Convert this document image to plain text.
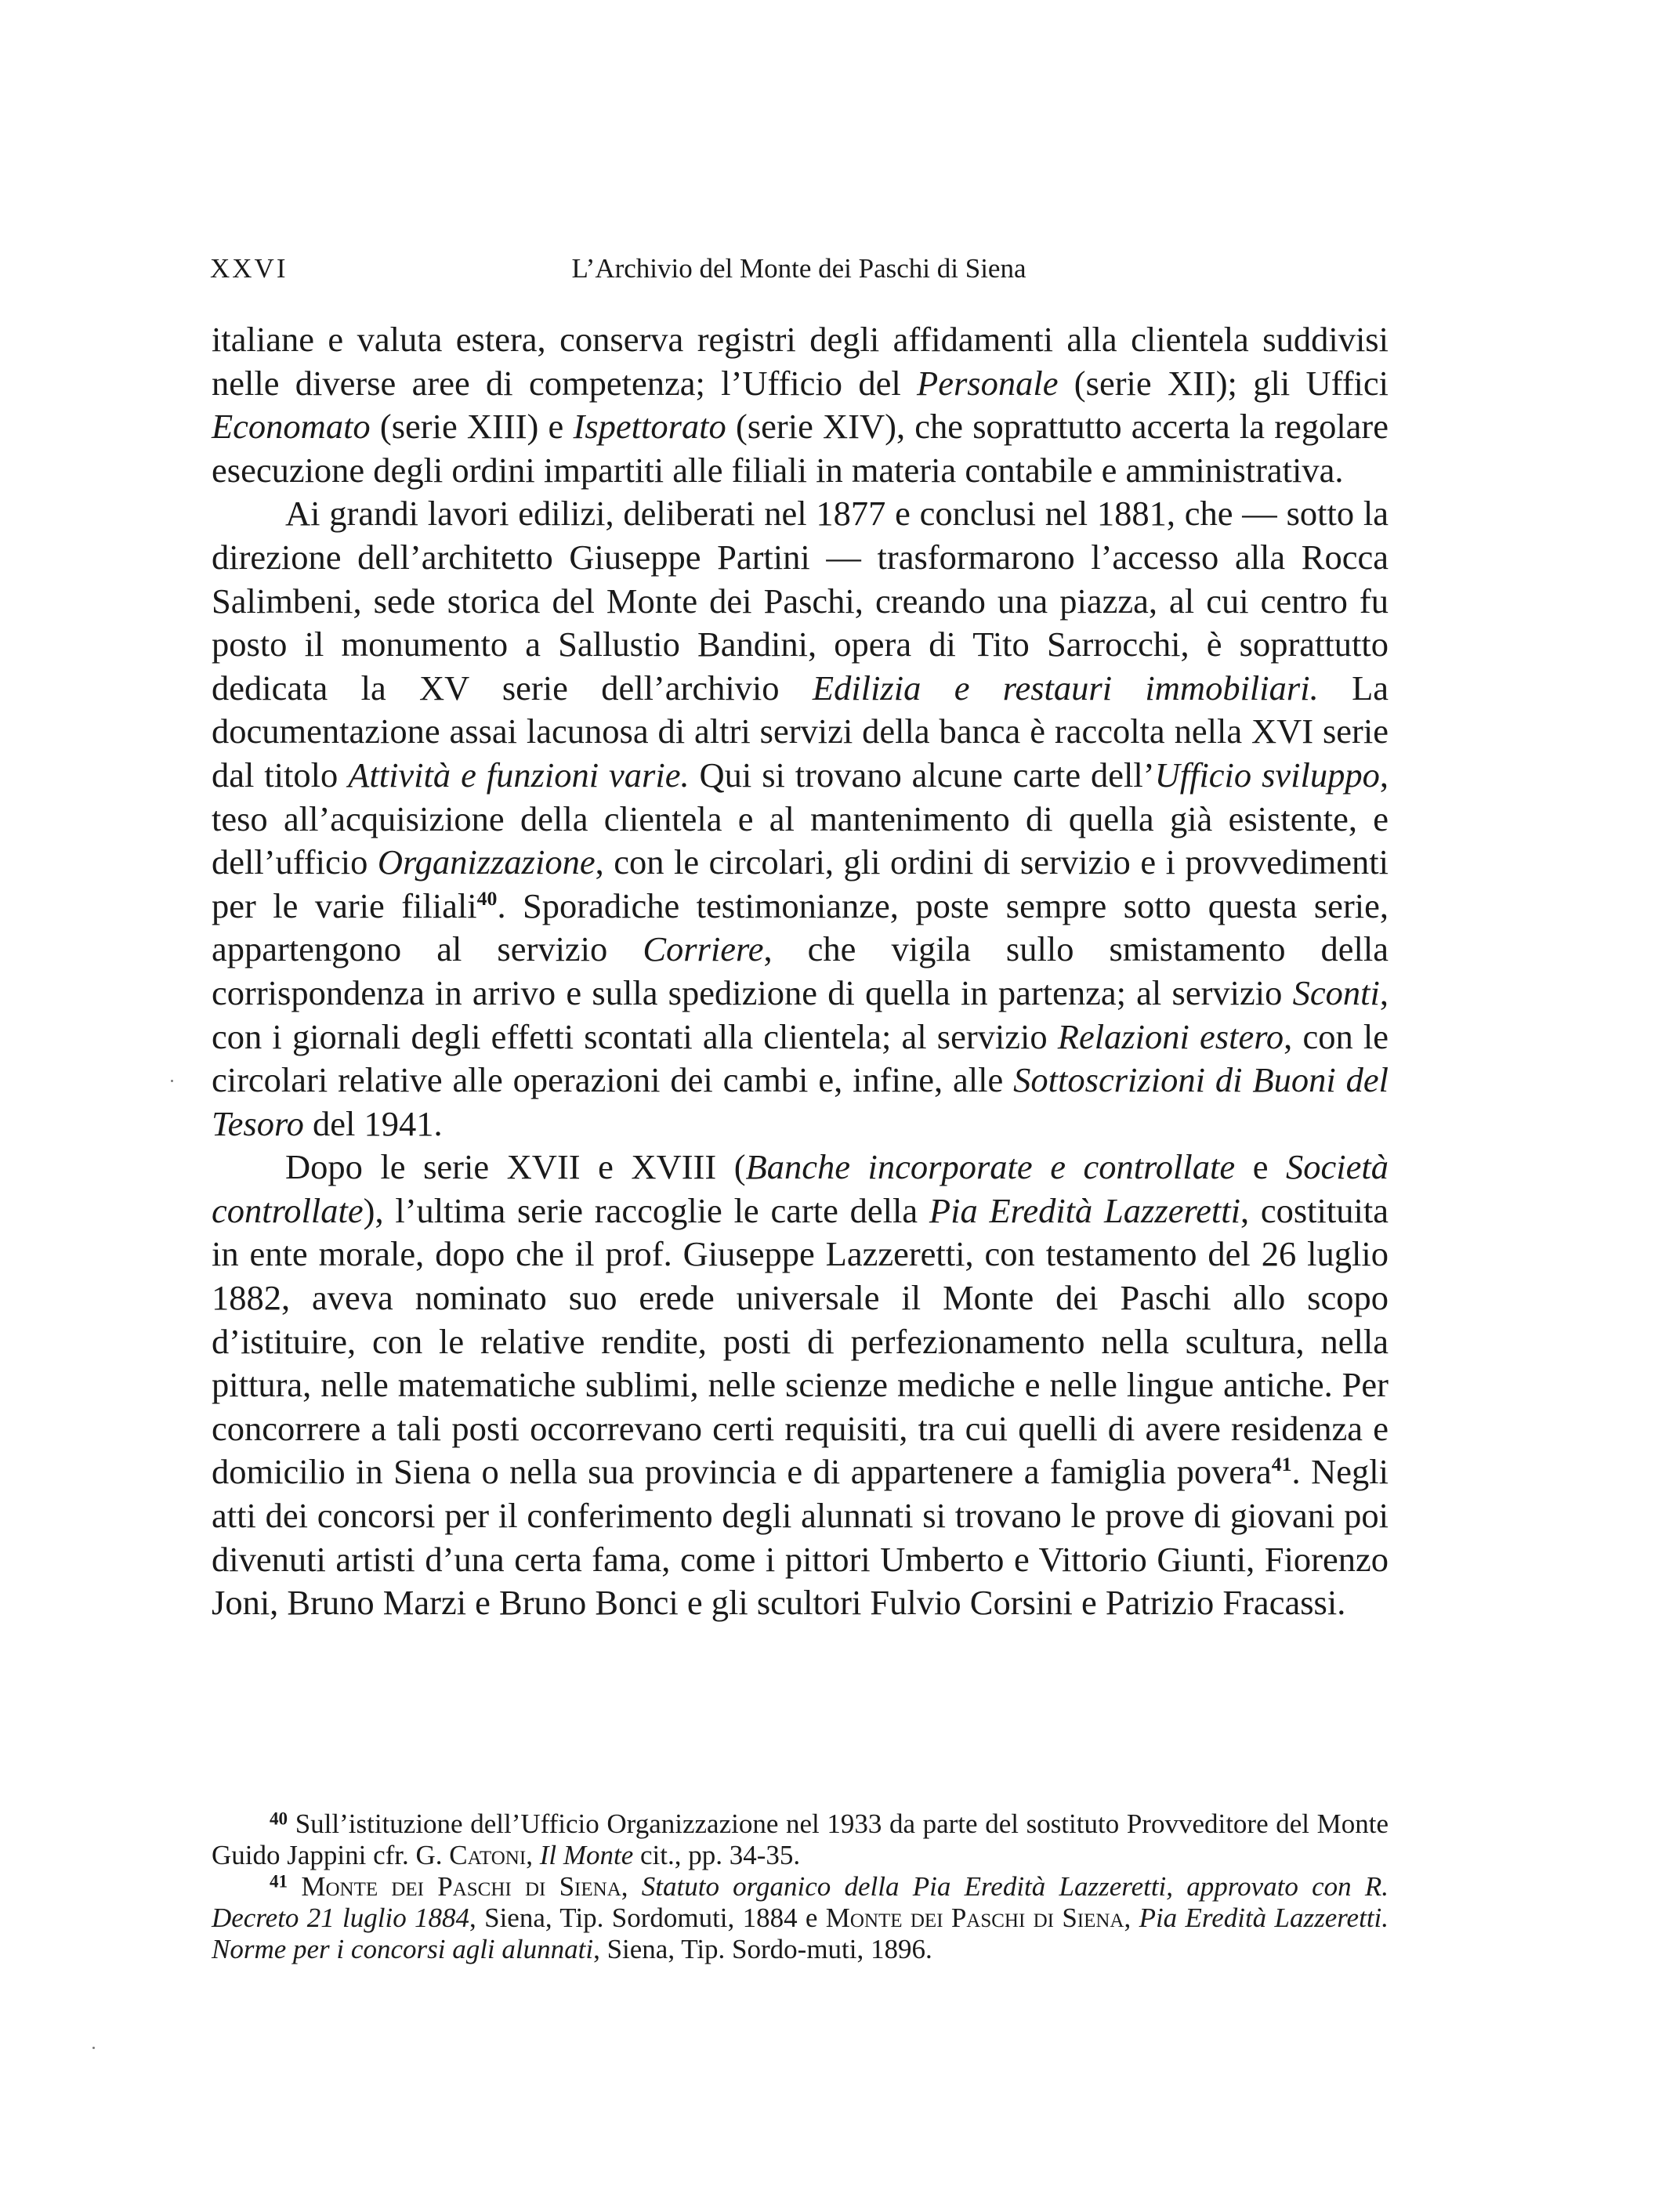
XXVI	L’Archivio del Monte dei Paschi di Siena

italiane e valuta estera, conserva registri degli affidamenti alla clientela suddivisi nelle diverse aree di competenza; l’Ufficio del Personale (serie XII); gli Uffici Economato (serie XIII) e Ispettorato (serie XIV), che soprattutto accerta la regolare esecuzione degli ordini impartiti alle filiali in materia contabile e amministrativa.

Ai grandi lavori edilizi, deliberati nel 1877 e conclusi nel 1881, che — sotto la direzione dell’architetto Giuseppe Partini — trasformarono l’accesso alla Rocca Salimbeni, sede storica del Monte dei Paschi, creando una piazza, al cui centro fu posto il monumento a Sallustio Bandini, opera di Tito Sarrocchi, è soprattutto dedicata la XV serie dell’archivio Edilizia e restauri immobiliari. La documentazione assai lacunosa di altri servizi della banca è raccolta nella XVI serie dal titolo Attività e funzioni varie. Qui si trovano alcune carte dell’Ufficio sviluppo, teso all’acquisizione della clientela e al mantenimento di quella già esistente, e dell’ufficio Organizzazione, con le circolari, gli ordini di servizio e i provvedimenti per le varie filiali$^{40}$. Sporadiche testimonianze, poste sempre sotto questa serie, appartengono al servizio Corriere, che vigila sullo smistamento della corrispondenza in arrivo e sulla spedizione di quella in partenza; al servizio Sconti, con i giornali degli effetti scontati alla clientela; al servizio Relazioni estero, con le circolari relative alle operazioni dei cambi e, infine, alle Sottoscrizioni di Buoni del Tesoro del 1941.

Dopo le serie XVII e XVIII (Banche incorporate e controllate e Società controllate), l’ultima serie raccoglie le carte della Pia Eredità Lazzeretti, costituita in ente morale, dopo che il prof. Giuseppe Lazzeretti, con testamento del 26 luglio 1882, aveva nominato suo erede universale il Monte dei Paschi allo scopo d’istituire, con le relative rendite, posti di perfezionamento nella scultura, nella pittura, nelle matematiche sublimi, nelle scienze mediche e nelle lingue antiche. Per concorrere a tali posti occorrevano certi requisiti, tra cui quelli di avere residenza e domicilio in Siena o nella sua provincia e di appartenere a famiglia povera$^{41}$. Negli atti dei concorsi per il conferimento degli alunnati si trovano le prove di giovani poi divenuti artisti d’una certa fama, come i pittori Umberto e Vittorio Giunti, Fiorenzo Joni, Bruno Marzi e Bruno Bonci e gli scultori Fulvio Corsini e Patrizio Fracassi.

$^{40}$ Sull’istituzione dell’Ufficio Organizzazione nel 1933 da parte del sostituto Provveditore del Monte Guido Jappini cfr. G. Catoni, Il Monte cit., pp. 34-35.

$^{41}$ Monte dei Paschi di Siena, Statuto organico della Pia Eredità Lazzeretti, approvato con R. Decreto 21 luglio 1884, Siena, Tip. Sordomuti, 1884 e Monte dei Paschi di Siena, Pia Eredità Lazzeretti. Norme per i concorsi agli alunnati, Siena, Tip. Sordo-muti, 1896.
